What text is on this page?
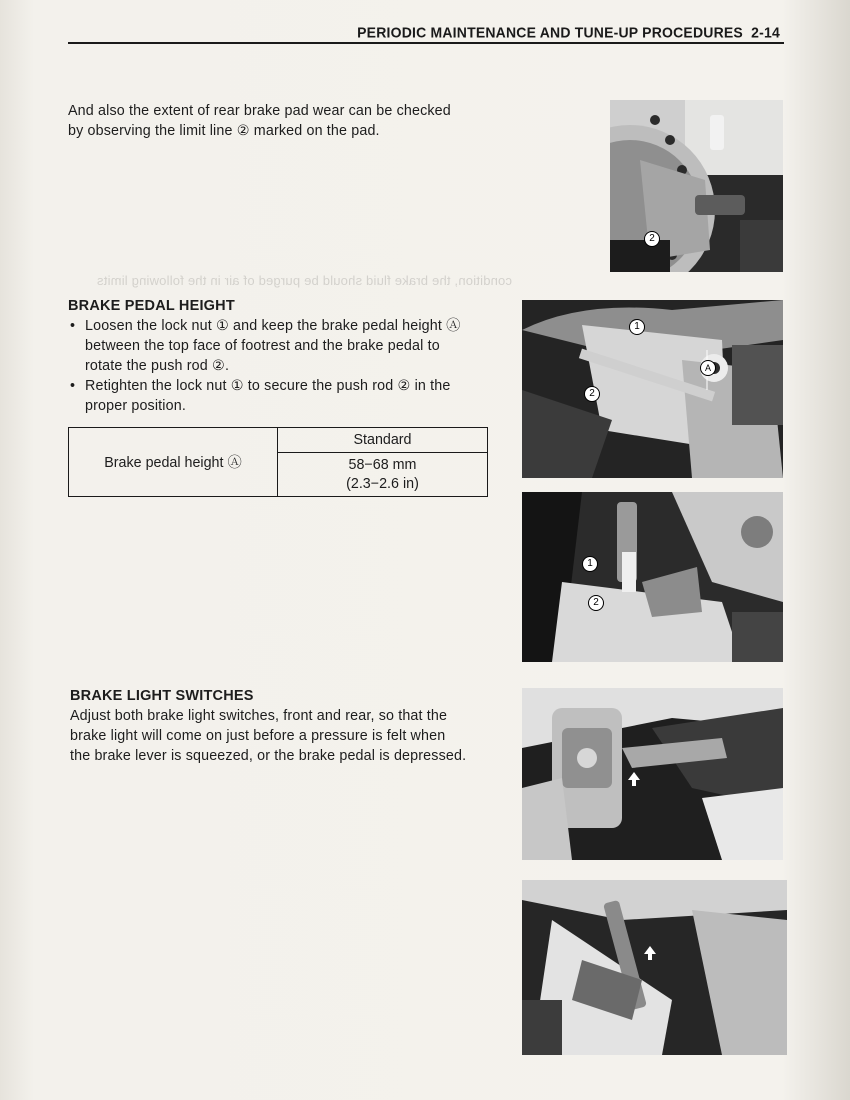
condition, the brake fluid should be purged of air in the following limits
PERIODIC MAINTENANCE AND TUNE-UP PROCEDURES 2-14
And also the extent of rear brake pad wear can be checked
by observing the limit line ② marked on the pad.
BRAKE PEDAL HEIGHT
• Loosen the lock nut ① and keep the brake pedal height Ⓐ
between the top face of footrest and the brake pedal to
rotate the push rod ②.
• Retighten the lock nut ① to secure the push rod ② in the
proper position.
Brake pedal height Ⓐ
Standard
58−68 mm
(2.3−2.6 in)
BRAKE LIGHT SWITCHES
Adjust both brake light switches, front and rear, so that the
brake light will come on just before a pressure is felt when
the brake lever is squeezed, or the brake pedal is depressed.
2
1
2
A
1
2
